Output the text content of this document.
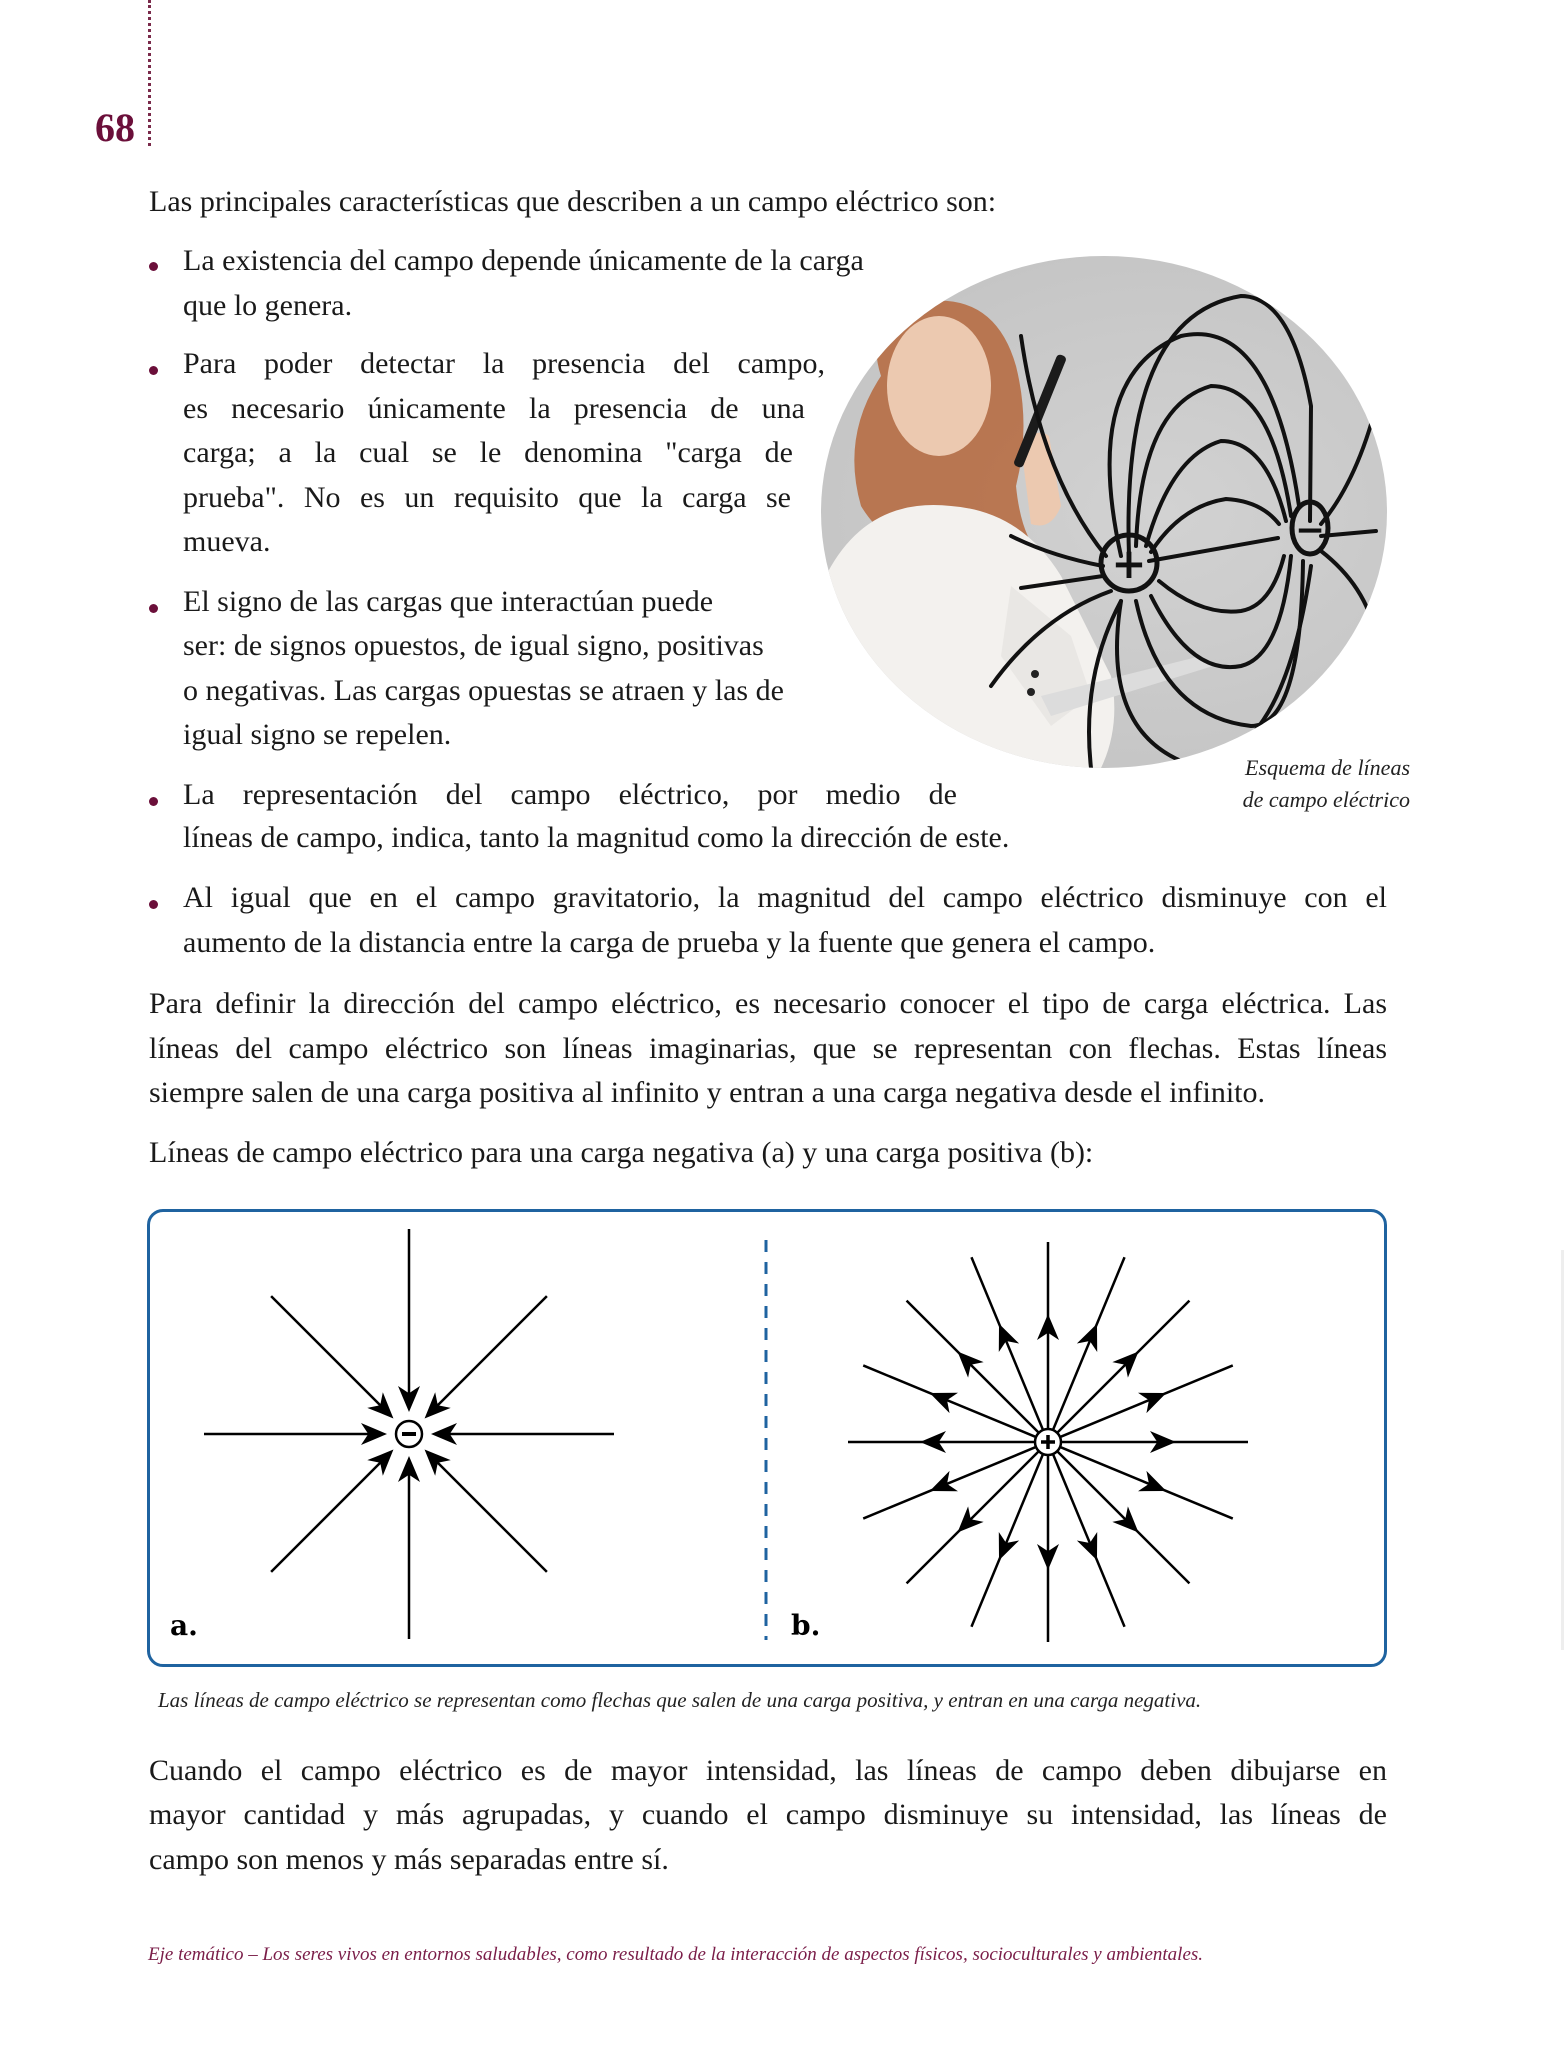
68
Las principales características que describen a un campo eléctrico son:
La existencia del campo depende únicamente de la carga
que lo genera.
Para poder detectar la presencia del campo,
es necesario únicamente la presencia de una
carga; a la cual se le denomina "carga de
prueba". No es un requisito que la carga se
mueva.
El signo de las cargas que interactúan puede
ser: de signos opuestos, de igual signo, positivas
o negativas. Las cargas opuestas se atraen y las de
igual signo se repelen.
La representación del campo eléctrico, por medio de
líneas de campo, indica, tanto la magnitud como la dirección de este.
Al igual que en el campo gravitatorio, la magnitud del campo eléctrico disminuye con el
aumento de la distancia entre la carga de prueba y la fuente que genera el campo.
+
−
Esquema de líneas
de campo eléctrico
Para definir la dirección del campo eléctrico, es necesario conocer el tipo de carga eléctrica. Las
líneas del campo eléctrico son líneas imaginarias, que se representan con flechas. Estas líneas
siempre salen de una carga positiva al infinito y entran a una carga negativa desde el infinito.
Líneas de campo eléctrico para una carga negativa (a) y una carga positiva (b):
a.	b.
Las líneas de campo eléctrico se representan como flechas que salen de una carga positiva, y entran en una carga negativa.
Cuando el campo eléctrico es de mayor intensidad, las líneas de campo deben dibujarse en
mayor cantidad y más agrupadas, y cuando el campo disminuye su intensidad, las líneas de
campo son menos y más separadas entre sí.
Eje temático – Los seres vivos en entornos saludables, como resultado de la interacción de aspectos físicos, socioculturales y ambientales.
